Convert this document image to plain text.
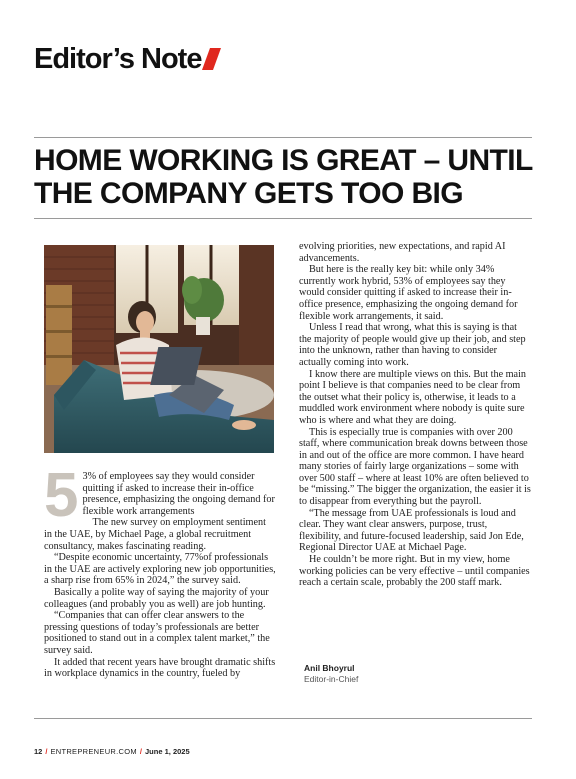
Editor’s Note
HOME WORKING IS GREAT – UNTIL THE COMPANY GETS TOO BIG
5 3% of employees say they would consider quitting if asked to increase their in-office presence, emphasizing the ongoing demand for flexible work arrangements

The new survey on employment sentiment in the UAE, by Michael Page, a global recruitment consultancy, makes fascinating reading.

“Despite economic uncertainty, 77%of professionals in the UAE are actively exploring new job opportunities, a sharp rise from 65% in 2024,” the survey said.

Basically a polite way of saying the majority of your colleagues (and probably you as well) are job hunting.

“Companies that can offer clear answers to the pressing questions of today’s professionals are better positioned to stand out in a complex talent market,” the survey said.

It added that recent years have brought dramatic shifts in workplace dynamics in the country, fueled by

evolving priorities, new expectations, and rapid AI advancements.

But here is the really key bit: while only 34% currently work hybrid, 53% of employees say they would consider quitting if asked to increase their in-office presence, emphasizing the ongoing demand for flexible work arrangements, it said.

Unless I read that wrong, what this is saying is that the majority of people would give up their job, and step into the unknown, rather than having to consider actually coming into work.

I know there are multiple views on this. But the main point I believe is that companies need to be clear from the outset what their policy is, otherwise, it leads to a muddled work environment where nobody is quite sure who is where and what they are doing.

This is especially true is companies with over 200 staff, where communication break downs between those in and out of the office are more common. I have heard many stories of fairly large organizations – some with over 500 staff – where at least 10% are often believed to be “missing.” The bigger the organization, the easier it is to disappear from everything but the payroll.

“The message from UAE professionals is loud and clear. They want clear answers, purpose, trust, flexibility, and future-focused leadership, said Jon Ede, Regional Director UAE at Michael Page.

He couldn’t be more right. But in my view, home working policies can be very effective – until companies reach a certain scale, probably the 200 staff mark.

Anil Bhoyrul
Editor-in-Chief
12 / ENTREPRENEUR.COM / June 1, 2025
